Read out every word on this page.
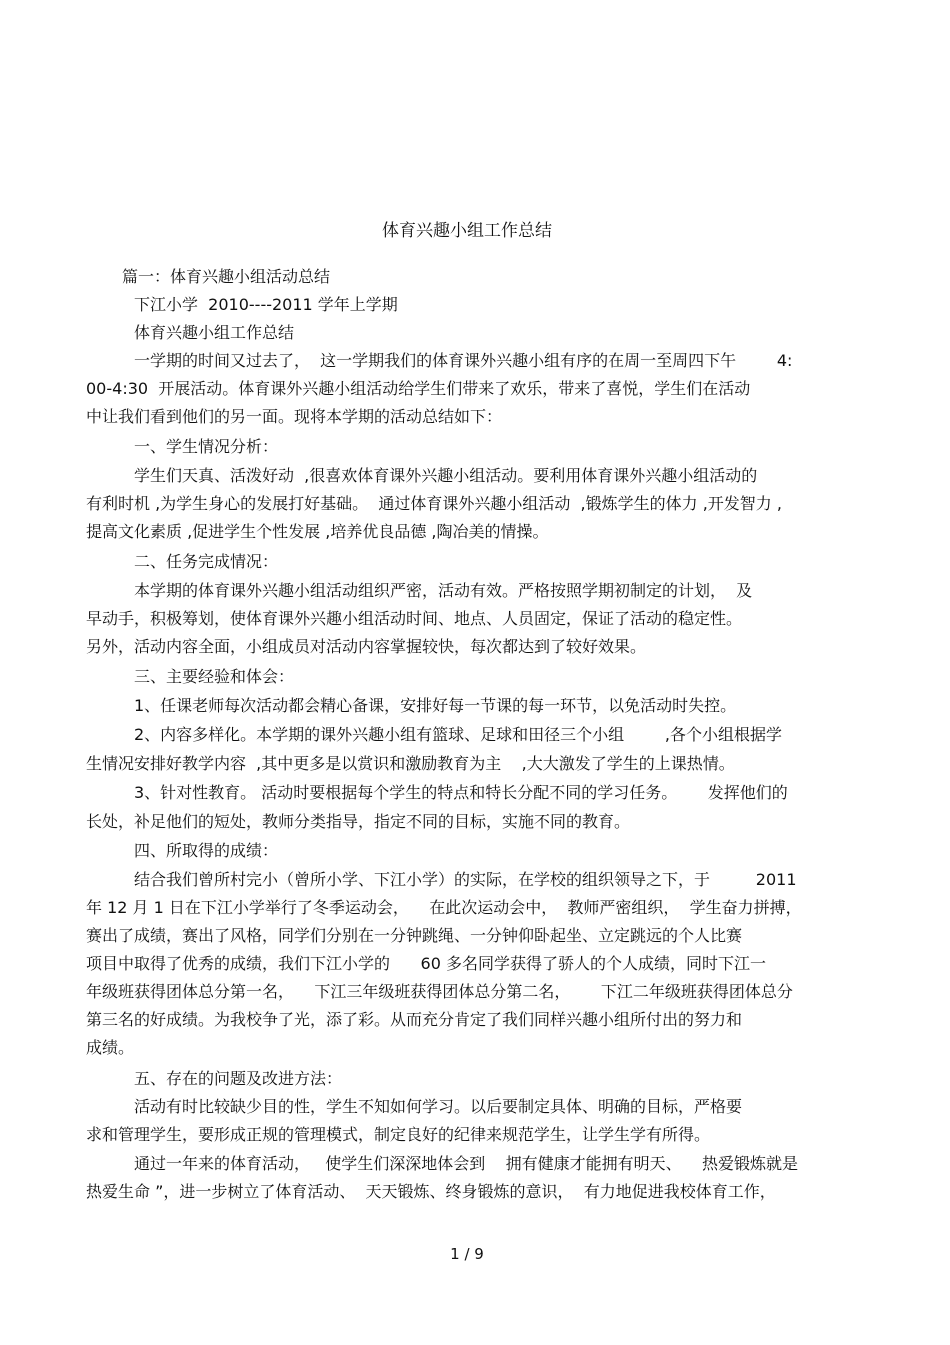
体育兴趣小组工作总结
篇一：体育兴趣小组活动总结
下江小学  2010----2011 学年上学期
体育兴趣小组工作总结
一学期的时间又过去了，  这一学期我们的体育课外兴趣小组有序的在周一至周四下午        4:
00-4:30  开展活动。体育课外兴趣小组活动给学生们带来了欢乐，带来了喜悦，学生们在活动
中让我们看到他们的另一面。现将本学期的活动总结如下：
一、学生情况分析：
学生们天真、活泼好动  ,很喜欢体育课外兴趣小组活动。要利用体育课外兴趣小组活动的
有利时机 ,为学生身心的发展打好基础。  通过体育课外兴趣小组活动  ,锻炼学生的体力 ,开发智力 ,
提高文化素质 ,促进学生个性发展 ,培养优良品德 ,陶冶美的情操。
二、任务完成情况：
本学期的体育课外兴趣小组活动组织严密，活动有效。严格按照学期初制定的计划，  及
早动手，积极筹划，使体育课外兴趣小组活动时间、地点、人员固定，保证了活动的稳定性。
另外，活动内容全面，小组成员对活动内容掌握较快，每次都达到了较好效果。
三、主要经验和体会：
1、任课老师每次活动都会精心备课，安排好每一节课的每一环节，以免活动时失控。
2、内容多样化。本学期的课外兴趣小组有篮球、足球和田径三个小组        ,各个小组根据学
生情况安排好教学内容  ,其中更多是以赏识和激励教育为主    ,大大激发了学生的上课热情。
3、针对性教育。 活动时要根据每个学生的特点和特长分配不同的学习任务。      发挥他们的
长处，补足他们的短处，教师分类指导，指定不同的目标，实施不同的教育。
四、所取得的成绩：
结合我们曾所村完小（曾所小学、下江小学）的实际，在学校的组织领导之下，于         2011
年 12 月 1 日在下江小学举行了冬季运动会，    在此次运动会中，  教师严密组织，  学生奋力拼搏，
赛出了成绩，赛出了风格，同学们分别在一分钟跳绳、一分钟仰卧起坐、立定跳远的个人比赛
项目中取得了优秀的成绩，我们下江小学的      60 多名同学获得了骄人的个人成绩，同时下江一
年级班获得团体总分第一名，    下江三年级班获得团体总分第二名，      下江二年级班获得团体总分
第三名的好成绩。为我校争了光，添了彩。从而充分肯定了我们同样兴趣小组所付出的努力和
成绩。
五、存在的问题及改进方法：
活动有时比较缺少目的性，学生不知如何学习。以后要制定具体、明确的目标，严格要
求和管理学生，要形成正规的管理模式，制定良好的纪律来规范学生，让学生学有所得。
通过一年来的体育活动，   使学生们深深地体会到    拥有健康才能拥有明天、    热爱锻炼就是
热爱生命 ”，进一步树立了体育活动、  天天锻炼、终身锻炼的意识，  有力地促进我校体育工作，
1 / 9
